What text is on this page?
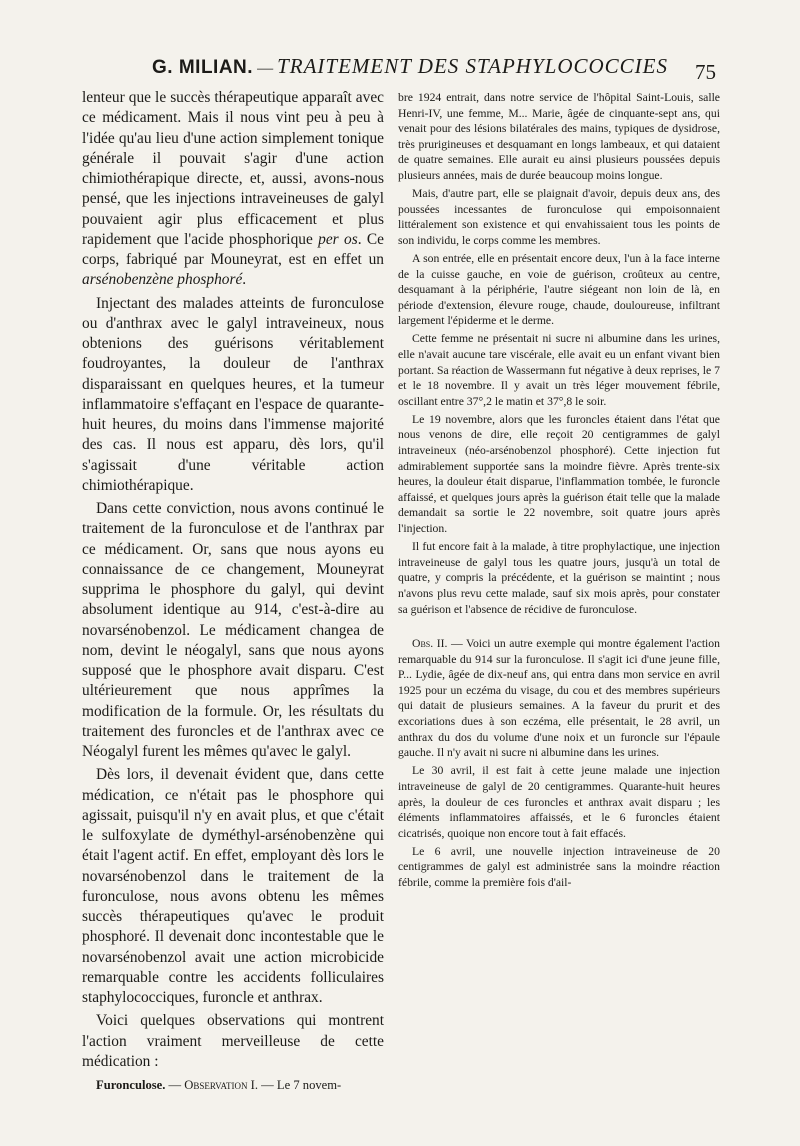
G. MILIAN. — TRAITEMENT DES STAPHYLOCOCCIES	75

lenteur que le succès thérapeutique apparaît avec ce médicament. Mais il nous vint peu à peu à l'idée qu'au lieu d'une action simplement tonique générale il pouvait s'agir d'une action chimiothérapique directe, et, aussi, avons-nous pensé, que les injections intraveineuses de galyl pouvaient agir plus efficacement et plus rapidement que l'acide phosphorique per os. Ce corps, fabriqué par Mouneyrat, est en effet un arsénobenzène phosphoré.

Injectant des malades atteints de furonculose ou d'anthrax avec le galyl intraveineux, nous obtenions des guérisons véritablement foudroyantes, la douleur de l'anthrax disparaissant en quelques heures, et la tumeur inflammatoire s'effaçant en l'espace de quarante-huit heures, du moins dans l'immense majorité des cas. Il nous est apparu, dès lors, qu'il s'agissait d'une véritable action chimiothérapique.

Dans cette conviction, nous avons continué le traitement de la furonculose et de l'anthrax par ce médicament. Or, sans que nous ayons eu connaissance de ce changement, Mouneyrat supprima le phosphore du galyl, qui devint absolument identique au 914, c'est-à-dire au novarsénobenzol. Le médicament changea de nom, devint le néogalyl, sans que nous ayons supposé que le phosphore avait disparu. C'est ultérieurement que nous apprîmes la modification de la formule. Or, les résultats du traitement des furoncles et de l'anthrax avec ce Néogalyl furent les mêmes qu'avec le galyl.

Dès lors, il devenait évident que, dans cette médication, ce n'était pas le phosphore qui agissait, puisqu'il n'y en avait plus, et que c'était le sulfoxylate de dyméthyl-arsénobenzène qui était l'agent actif. En effet, employant dès lors le novarsénobenzol dans le traitement de la furonculose, nous avons obtenu les mêmes succès thérapeutiques qu'avec le produit phosphoré. Il devenait donc incontestable que le novarsénobenzol avait une action microbicide remarquable contre les accidents folliculaires staphylococciques, furoncle et anthrax.

Voici quelques observations qui montrent l'action vraiment merveilleuse de cette médication :

Furonculose. — Observation I. — Le 7 novem-

bre 1924 entrait, dans notre service de l'hôpital Saint-Louis, salle Henri-IV, une femme, M... Marie, âgée de cinquante-sept ans, qui venait pour des lésions bilatérales des mains, typiques de dysidrose, très prurigineuses et desquamant en longs lambeaux, et qui dataient de quatre semaines. Elle aurait eu ainsi plusieurs poussées depuis plusieurs années, mais de durée beaucoup moins longue.

Mais, d'autre part, elle se plaignait d'avoir, depuis deux ans, des poussées incessantes de furonculose qui empoisonnaient littéralement son existence et qui envahissaient tous les points de son individu, le corps comme les membres.

A son entrée, elle en présentait encore deux, l'un à la face interne de la cuisse gauche, en voie de guérison, croûteux au centre, desquamant à la périphérie, l'autre siégeant non loin de là, en période d'extension, élevure rouge, chaude, douloureuse, infiltrant largement l'épiderme et le derme.

Cette femme ne présentait ni sucre ni albumine dans les urines, elle n'avait aucune tare viscérale, elle avait eu un enfant vivant bien portant. Sa réaction de Wassermann fut négative à deux reprises, le 7 et le 18 novembre. Il y avait un très léger mouvement fébrile, oscillant entre 37°,2 le matin et 37°,8 le soir.

Le 19 novembre, alors que les furoncles étaient dans l'état que nous venons de dire, elle reçoit 20 centigrammes de galyl intraveineux (néo-arsénobenzol phosphoré). Cette injection fut admirablement supportée sans la moindre fièvre. Après trente-six heures, la douleur était disparue, l'inflammation tombée, le furoncle affaissé, et quelques jours après la guérison était telle que la malade demandait sa sortie le 22 novembre, soit quatre jours après l'injection.

Il fut encore fait à la malade, à titre prophylactique, une injection intraveineuse de galyl tous les quatre jours, jusqu'à un total de quatre, y compris la précédente, et la guérison se maintint ; nous n'avons plus revu cette malade, sauf six mois après, pour constater sa guérison et l'absence de récidive de furonculose.

Obs. II. — Voici un autre exemple qui montre également l'action remarquable du 914 sur la furonculose. Il s'agit ici d'une jeune fille, P... Lydie, âgée de dix-neuf ans, qui entra dans mon service en avril 1925 pour un eczéma du visage, du cou et des membres supérieurs qui datait de plusieurs semaines. A la faveur du prurit et des excoriations dues à son eczéma, elle présentait, le 28 avril, un anthrax du dos du volume d'une noix et un furoncle sur l'épaule gauche. Il n'y avait ni sucre ni albumine dans les urines.

Le 30 avril, il est fait à cette jeune malade une injection intraveineuse de galyl de 20 centigrammes. Quarante-huit heures après, la douleur de ces furoncles et anthrax avait disparu ; les éléments inflammatoires affaissés, et le 6 furoncles étaient cicatrisés, quoique non encore tout à fait effacés.

Le 6 avril, une nouvelle injection intraveineuse de 20 centigrammes de galyl est administrée sans la moindre réaction fébrile, comme la première fois d'ail-
